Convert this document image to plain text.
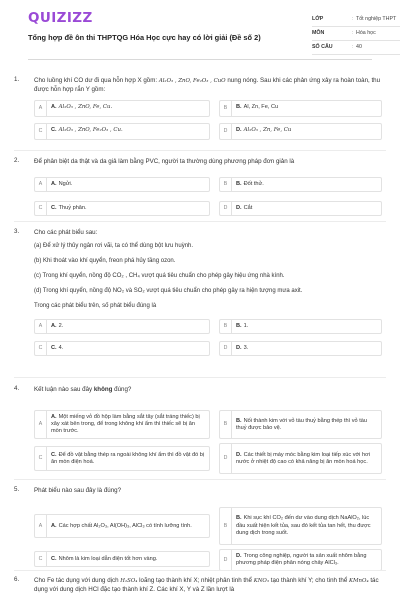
QUIZIZZ
Tổng hợp đề ôn thi THPTQG Hóa Học cực hay có lời giải (Đề số 2)
LỚP	: Tốt nghiệp THPT
MÔN	: Hóa học
SỐ CÂU	: 40
1.	Cho luồng khí CO dư đi qua hỗn hợp X gồm: Al₂O₃ , ZnO, Fe₂O₃ , CuO nung nóng. Sau khi các phản ứng xảy ra hoàn toàn, thu được hỗn hợp rắn Y gồm:
A	A. Al₂O₃ , ZnO, Fe, Cu.	B	B. Al, Zn, Fe, Cu
C	C. Al₂O₃ , ZnO, Fe₂O₃ , Cu.	D	D. Al₂O₃ , Zn, Fe, Cu
2.	Để phân biệt da thật và da giả làm bằng PVC, người ta thường dùng phương pháp đơn giản là
A	A. Ngửi.	B	B. Đốt thử.
C	C. Thuỷ phân.	D	D. Cắt
3.	Cho các phát biểu sau:
(a) Để xử lý thủy ngân rơi vãi, ta có thể dùng bột lưu huỳnh.
(b) Khi thoát vào khí quyển, freon phá hủy tầng ozon.
(c) Trong khí quyển, nồng độ CO₂ , CH₄ vượt quá tiêu chuẩn cho phép gây hiệu ứng nhà kính.
(d) Trong khí quyển, nồng độ NO₂ và SO₂ vượt quá tiêu chuẩn cho phép gây ra hiện tượng mưa axit.
Trong các phát biểu trên, số phát biểu đúng là
A	A. 2.	B	B. 1.
C	C. 4.	D	D. 3.
4.	Kết luận nào sau đây không đúng?
A
A. Một miếng vỏ đồ hộp làm bằng sắt tây (sắt tráng thiếc) bị xây xát bên trong, để trong không khí ẩm thì thiếc sẽ bị ăn mòn trước.
B
B. Nối thành kim với vỏ tàu thuỷ bằng thép thì vỏ tàu thuỷ được bảo vệ.
C
C. Để đồ vật bằng thép ra ngoài không khí ẩm thì đồ vật đó bị ăn mòn điện hoá.
D
D. Các thiết bị máy móc bằng kim loại tiếp xúc với hơi nước ở nhiệt độ cao có khả năng bị ăn mòn hoá học.
5.	Phát biểu nào sau đây là đúng?
A	A. Các hợp chất Al₂O₃, Al(OH)₃, AlCl₃ có tính lưỡng tính.	B
B. Khi sục khí CO₂ đến dư vào dung dịch NaAlO₂, lúc đầu xuất hiện kết tủa, sau đó kết tủa tan hết, thu được dung dịch trong suốt.
C	C. Nhôm là kim loại dẫn điện tốt hơn vàng.	D
D. Trong công nghiệp, người ta sản xuất nhôm bằng phương pháp điện phân nóng chảy AlCl₃.
6.	Cho Fe tác dụng với dung dịch H₂SO₄ loãng tạo thành khí X; nhiệt phân tinh thể KNO₃ tạo thành khí Y; cho tinh thể KMnO₄ tác dụng với dung dịch HCl đặc tạo thành khí Z. Các khí X, Y và Z lần lượt là
